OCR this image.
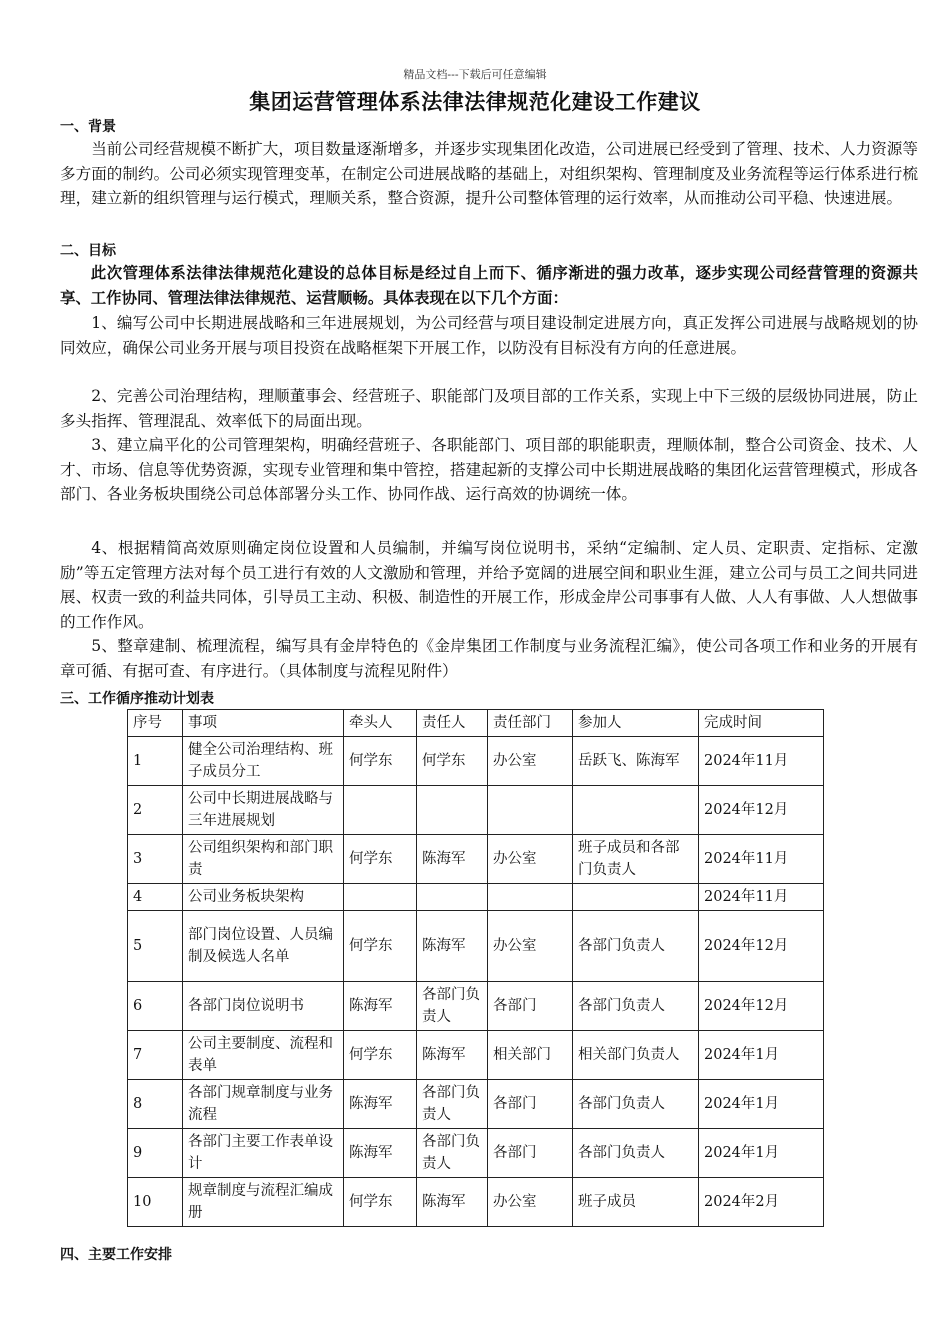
精品文档---下载后可任意编辑
集团运营管理体系法律法律规范化建设工作建议
一、背景
当前公司经营规模不断扩大，项目数量逐渐增多，并逐步实现集团化改造，公司进展已经受到了管理、技术、人力资源等多方面的制约。公司必须实现管理变革，在制定公司进展战略的基础上，对组织架构、管理制度及业务流程等运行体系进行梳理，建立新的组织管理与运行模式，理顺关系，整合资源，提升公司整体管理的运行效率，从而推动公司平稳、快速进展。
二、目标
此次管理体系法律法律规范化建设的总体目标是经过自上而下、循序渐进的强力改革，逐步实现公司经营管理的资源共享、工作协同、管理法律法律规范、运营顺畅。具体表现在以下几个方面：
1、编写公司中长期进展战略和三年进展规划，为公司经营与项目建设制定进展方向，真正发挥公司进展与战略规划的协同效应，确保公司业务开展与项目投资在战略框架下开展工作，以防没有目标没有方向的任意进展。
2、完善公司治理结构，理顺董事会、经营班子、职能部门及项目部的工作关系，实现上中下三级的层级协同进展，防止多头指挥、管理混乱、效率低下的局面出现。
3、建立扁平化的公司管理架构，明确经营班子、各职能部门、项目部的职能职责，理顺体制，整合公司资金、技术、人才、市场、信息等优势资源，实现专业管理和集中管控，搭建起新的支撑公司中长期进展战略的集团化运营管理模式，形成各部门、各业务板块围绕公司总体部署分头工作、协同作战、运行高效的协调统一体。
4、根据精简高效原则确定岗位设置和人员编制，并编写岗位说明书，采纳“定编制、定人员、定职责、定指标、定激励”等五定管理方法对每个员工进行有效的人文激励和管理，并给予宽阔的进展空间和职业生涯，建立公司与员工之间共同进展、权责一致的利益共同体，引导员工主动、积极、制造性的开展工作，形成金岸公司事事有人做、人人有事做、人人想做事的工作作风。
5、整章建制、梳理流程，编写具有金岸特色的《金岸集团工作制度与业务流程汇编》，使公司各项工作和业务的开展有章可循、有据可查、有序进行。（具体制度与流程见附件）
三、工作循序推动计划表
序号	事项	牵头人	责任人	责任部门	参加人	完成时间
1	健全公司治理结构、班子成员分工	何学东	何学东	办公室	岳跃飞、陈海军	2024年11月
2	公司中长期进展战略与三年进展规划					2024年12月
3	公司组织架构和部门职责	何学东	陈海军	办公室	班子成员和各部门负责人	2024年11月
4	公司业务板块架构					2024年11月
5	部门岗位设置、人员编制及候选人名单	何学东	陈海军	办公室	各部门负责人	2024年12月
6	各部门岗位说明书	陈海军	各部门负责人	各部门	各部门负责人	2024年12月
7	公司主要制度、流程和表单	何学东	陈海军	相关部门	相关部门负责人	2024年1月
8	各部门规章制度与业务流程	陈海军	各部门负责人	各部门	各部门负责人	2024年1月
9	各部门主要工作表单设计	陈海军	各部门负责人	各部门	各部门负责人	2024年1月
10	规章制度与流程汇编成册	何学东	陈海军	办公室	班子成员	2024年2月
四、主要工作安排
